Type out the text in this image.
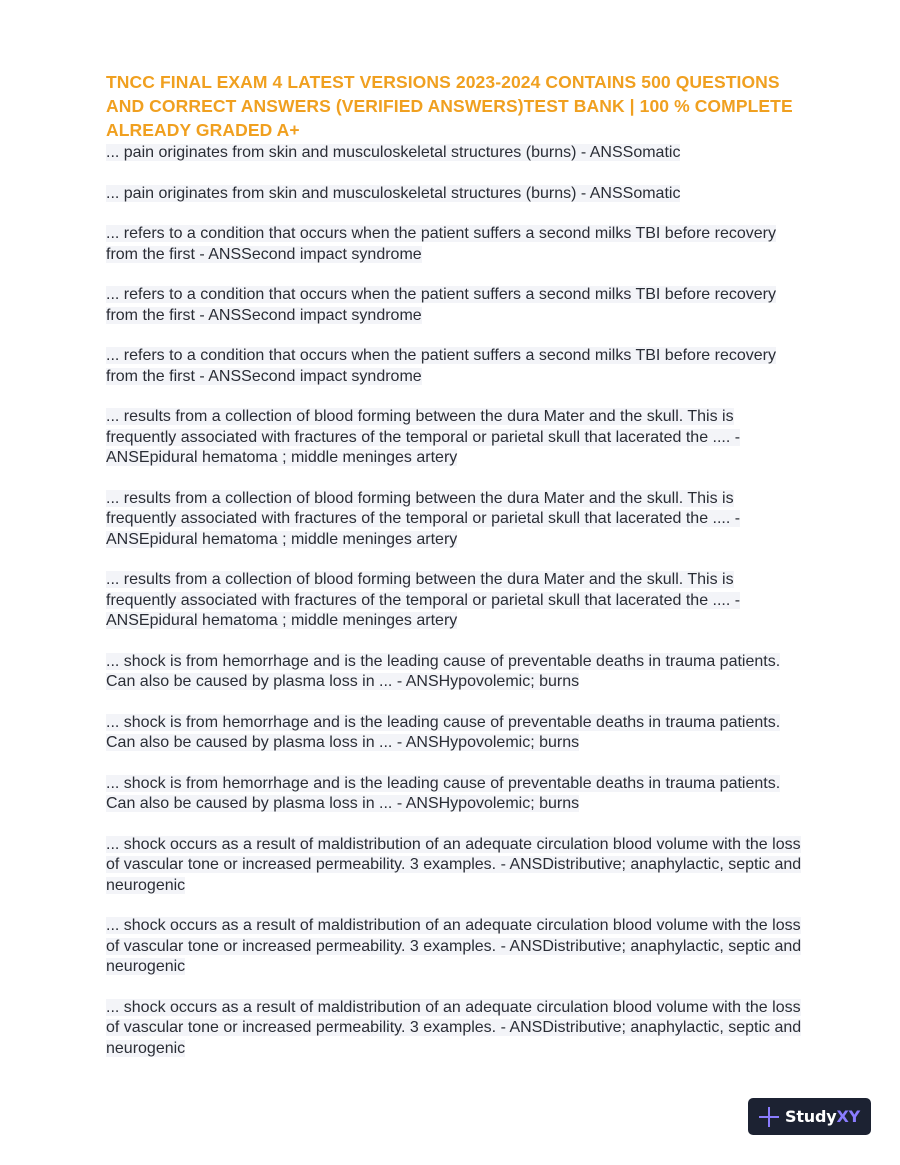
TNCC FINAL EXAM 4 LATEST VERSIONS 2023-2024 CONTAINS 500 QUESTIONS AND CORRECT ANSWERS (VERIFIED ANSWERS)TEST BANK | 100 % COMPLETE ALREADY GRADED A+

... pain originates from skin and musculoskeletal structures (burns) - ANSSomatic

... pain originates from skin and musculoskeletal structures (burns) - ANSSomatic

... refers to a condition that occurs when the patient suffers a second milks TBI before recovery from the first - ANSSecond impact syndrome

... refers to a condition that occurs when the patient suffers a second milks TBI before recovery from the first - ANSSecond impact syndrome

... refers to a condition that occurs when the patient suffers a second milks TBI before recovery from the first - ANSSecond impact syndrome

... results from a collection of blood forming between the dura Mater and the skull. This is frequently associated with fractures of the temporal or parietal skull that lacerated the .... - ANSEpidural hematoma ; middle meninges artery

... results from a collection of blood forming between the dura Mater and the skull. This is frequently associated with fractures of the temporal or parietal skull that lacerated the .... - ANSEpidural hematoma ; middle meninges artery

... results from a collection of blood forming between the dura Mater and the skull. This is frequently associated with fractures of the temporal or parietal skull that lacerated the .... - ANSEpidural hematoma ; middle meninges artery

... shock is from hemorrhage and is the leading cause of preventable deaths in trauma patients. Can also be caused by plasma loss in ... - ANSHypovolemic; burns

... shock is from hemorrhage and is the leading cause of preventable deaths in trauma patients. Can also be caused by plasma loss in ... - ANSHypovolemic; burns

... shock is from hemorrhage and is the leading cause of preventable deaths in trauma patients. Can also be caused by plasma loss in ... - ANSHypovolemic; burns

... shock occurs as a result of maldistribution of an adequate circulation blood volume with the loss of vascular tone or increased permeability. 3 examples. - ANSDistributive; anaphylactic, septic and neurogenic

... shock occurs as a result of maldistribution of an adequate circulation blood volume with the loss of vascular tone or increased permeability. 3 examples. - ANSDistributive; anaphylactic, septic and neurogenic

... shock occurs as a result of maldistribution of an adequate circulation blood volume with the loss of vascular tone or increased permeability. 3 examples. - ANSDistributive; anaphylactic, septic and neurogenic

StudyXY
